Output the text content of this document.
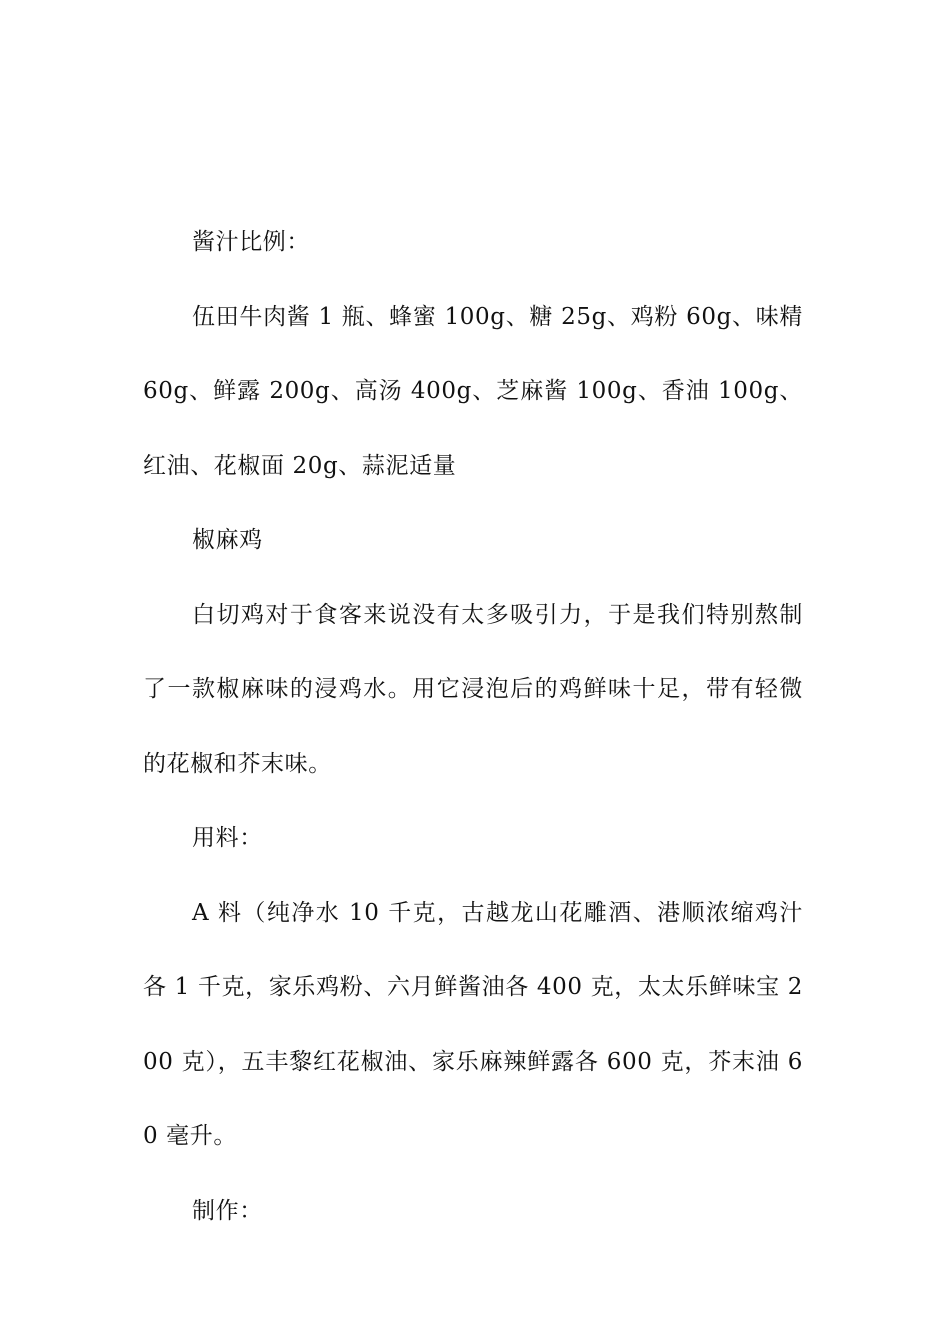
酱汁比例：

伍田牛肉酱 1 瓶、蜂蜜 100g、糖 25g、鸡粉 60g、味精 60g、鲜露 200g、高汤 400g、芝麻酱 100g、香油 100g、红油、花椒面 20g、蒜泥适量

椒麻鸡

白切鸡对于食客来说没有太多吸引力，于是我们特别熬制了一款椒麻味的浸鸡水。用它浸泡后的鸡鲜味十足，带有轻微的花椒和芥末味。

用料：

A 料（纯净水 10 千克，古越龙山花雕酒、港顺浓缩鸡汁各 1 千克，家乐鸡粉、六月鲜酱油各 400 克，太太乐鲜味宝 200 克），五丰黎红花椒油、家乐麻辣鲜露各 600 克，芥末油 60 毫升。

制作：
